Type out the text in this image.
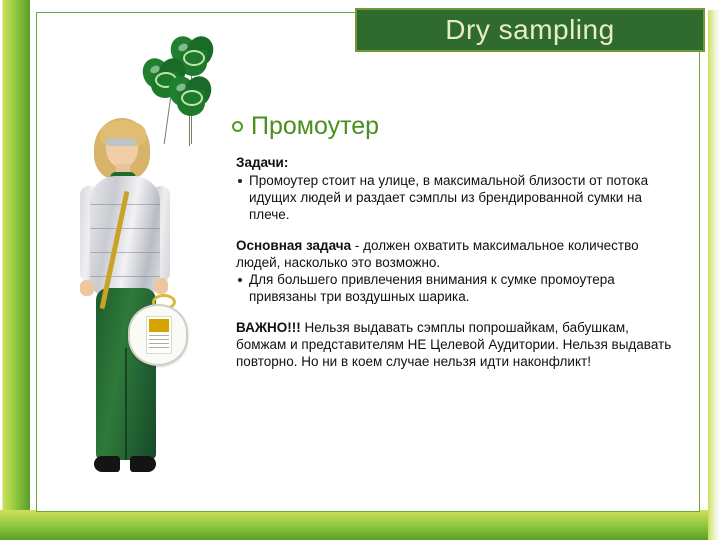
Dry sampling
Промоутер
Задачи:
Промоутер стоит на улице, в максимальной близости от потока идущих людей и раздает сэмплы из брендированной сумки на плече.
Основная задача - должен охватить максимальное количество людей, насколько это возможно.
Для большего привлечения внимания к сумке промоутера привязаны три воздушных шарика.
ВАЖНО!!! Нельзя выдавать сэмплы попрошайкам, бабушкам, бомжам и представителям НЕ Целевой Аудитории. Нельзя выдавать повторно. Но ни в коем случае нельзя идти наконфликт!
